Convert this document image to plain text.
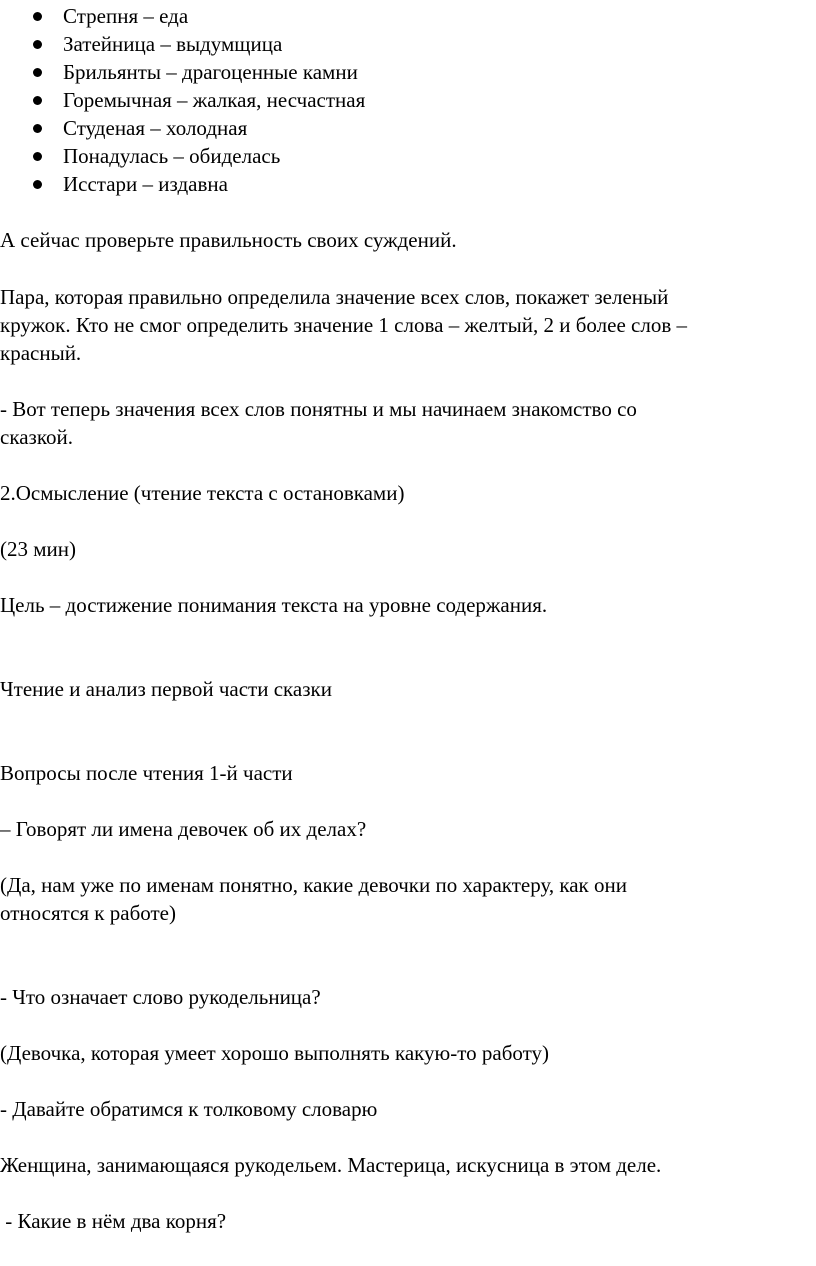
Стрепня – еда
Затейница – выдумщица
Брильянты – драгоценные камни
Горемычная – жалкая, несчастная
Студеная – холодная
Понадулась – обиделась
Исстари – издавна

А сейчас проверьте правильность своих суждений.

Пара, которая правильно определила значение всех слов, покажет зеленый

кружок. Кто не смог определить значение 1 слова – желтый, 2 и более слов –

красный.

- Вот теперь значения всех слов понятны и мы начинаем знакомство со

сказкой.

2.Осмысление (чтение текста с остановками)

(23 мин)

Цель – достижение понимания текста на уровне содержания.

Чтение и анализ первой части сказки

Вопросы после чтения 1-й части

– Говорят ли имена девочек об их делах?

(Да, нам уже по именам понятно, какие девочки по характеру, как они

относятся к работе)

- Что означает слово рукодельница?

(Девочка, которая умеет хорошо выполнять какую-то работу)

- Давайте обратимся к толковому словарю

Женщина, занимающаяся рукодельем. Мастерица, искусница в этом деле.

- Какие в нём два корня?
